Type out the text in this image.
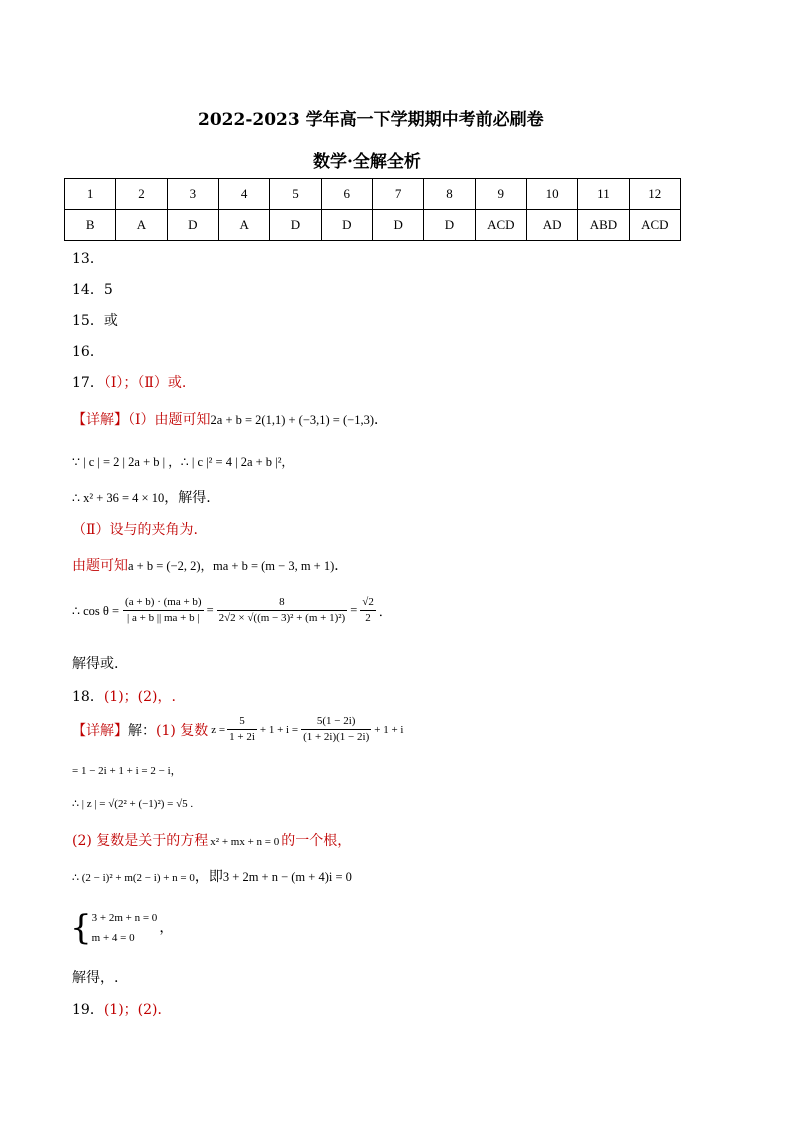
2022-2023 学年高一下学期期中考前必刷卷
数学·全解全析
1	2	3	4	5	6	7	8	9	10	11	12
B	A	D	A	D	D	D	D	ACD	AD	ABD	ACD
13．
14．5
15．或
16．
17．（Ⅰ）；（Ⅱ）或.
【详解】（Ⅰ）由题可知2a + b = 2(1,1) + (−3,1) = (−1,3)．
∵ | c | = 2 | 2a + b | ，∴ | c |² = 4 | 2a + b |²，
∴ x² + 36 = 4 × 10，解得.
（Ⅱ）设与的夹角为.
由题可知a + b = (−2, 2)，ma + b = (m − 3, m + 1)．
∴ $\cos \theta = \frac{(a + b) \cdot (ma + b)}{| a + b || ma + b |} = \frac{8}{\text{2√2 × √((m − 3)² + (m + 1)²)}} = \frac{√2}{2}$ ．
解得或.
18．(1)；(2)，.
【详解】 解： (1) 复数 $z = \frac{5}{1 + 2i} + 1 + i = \frac{5(1 - 2i)}{(1 + 2i)(1 - 2i)} + 1 + i$
= 1 − 2i + 1 + i = 2 − i，
∴ | z | = √(2² + (−1)²) = √5 .
(2) 复数是关于的方程 x² + mx + n = 0 的一个根，
∴ (2 − i)² + m(2 − i) + n = 0，即3 + 2m + n − (m + 4)i = 0
{ 3 + 2m + n = 0
m + 4 = 0
，
解得，.
19．(1)；(2)．
